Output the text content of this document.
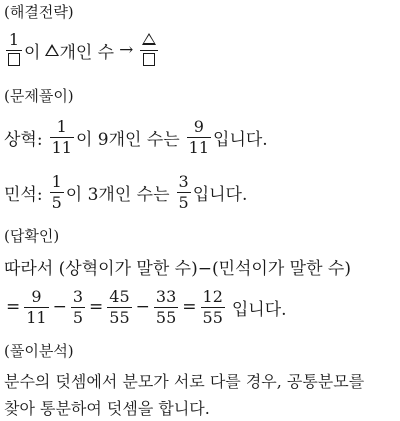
(해결전략)
1
이 개인 수 →
(문제풀이)
상혁: $\frac{1}{11}$ 이 9개인 수는 $\frac{9}{11}$ 입니다.
민석: $\frac{1}{5}$ 이 3개인 수는 $\frac{3}{5}$ 입니다.
(답확인)
따라서 (상혁이가 말한 수)−(민석이가 말한 수)
= $\frac{9}{11} - \frac{3}{5} = \frac{45}{55} - \frac{33}{55} = \frac{12}{55}$ 입니다.
(풀이분석)
분수의 덧셈에서 분모가 서로 다를 경우, 공통분모를
찾아 통분하여 덧셈을 합니다.
